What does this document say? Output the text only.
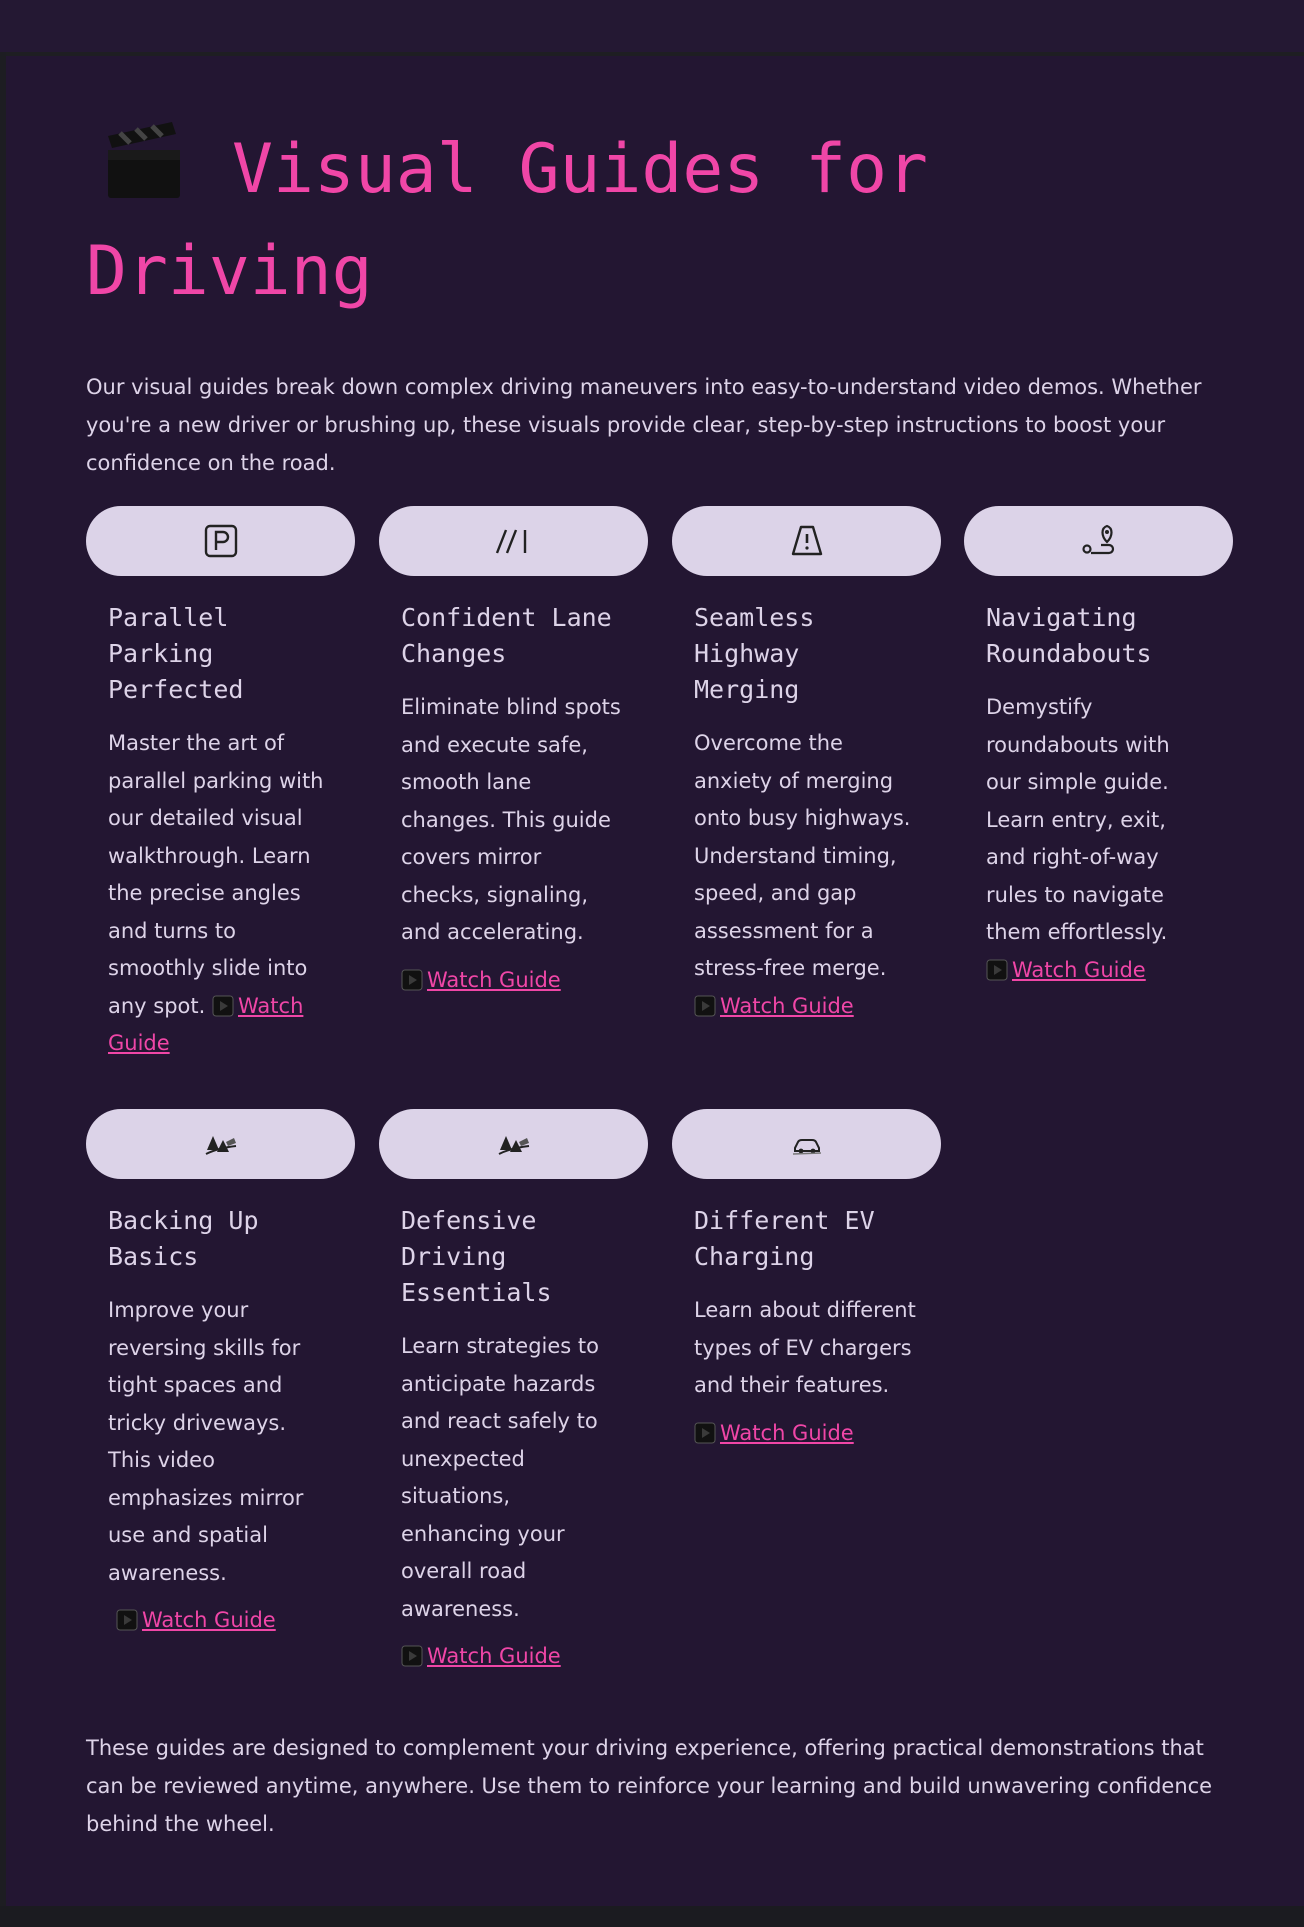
Visual Guides for Driving

Our visual guides break down complex driving maneuvers into easy-to-understand video demos. Whether you're a new driver or brushing up, these visuals provide clear, step-by-step instructions to boost your confidence on the road.

Parallel Parking Perfected

Master the art of parallel parking with our detailed visual walkthrough. Learn the precise angles and turns to smoothly slide into any spot. Watch Guide

Confident Lane Changes

Eliminate blind spots and execute safe, smooth lane changes. This guide covers mirror checks, signaling, and accelerating.

Watch Guide
Seamless Highway Merging

Overcome the anxiety of merging onto busy highways. Understand timing, speed, and gap assessment for a stress-free merge.

Watch Guide
Navigating Roundabouts

Demystify roundabouts with our simple guide. Learn entry, exit, and right-of-way rules to navigate them effortlessly.

Watch Guide
Backing Up Basics

Improve your reversing skills for tight spaces and tricky driveways. This video emphasizes mirror use and spatial awareness.

Watch Guide
Defensive Driving Essentials

Learn strategies to anticipate hazards and react safely to unexpected situations, enhancing your overall road awareness.

Watch Guide
Different EV Charging

Learn about different types of EV chargers and their features.

Watch Guide

These guides are designed to complement your driving experience, offering practical demonstrations that can be reviewed anytime, anywhere. Use them to reinforce your learning and build unwavering confidence behind the wheel.
